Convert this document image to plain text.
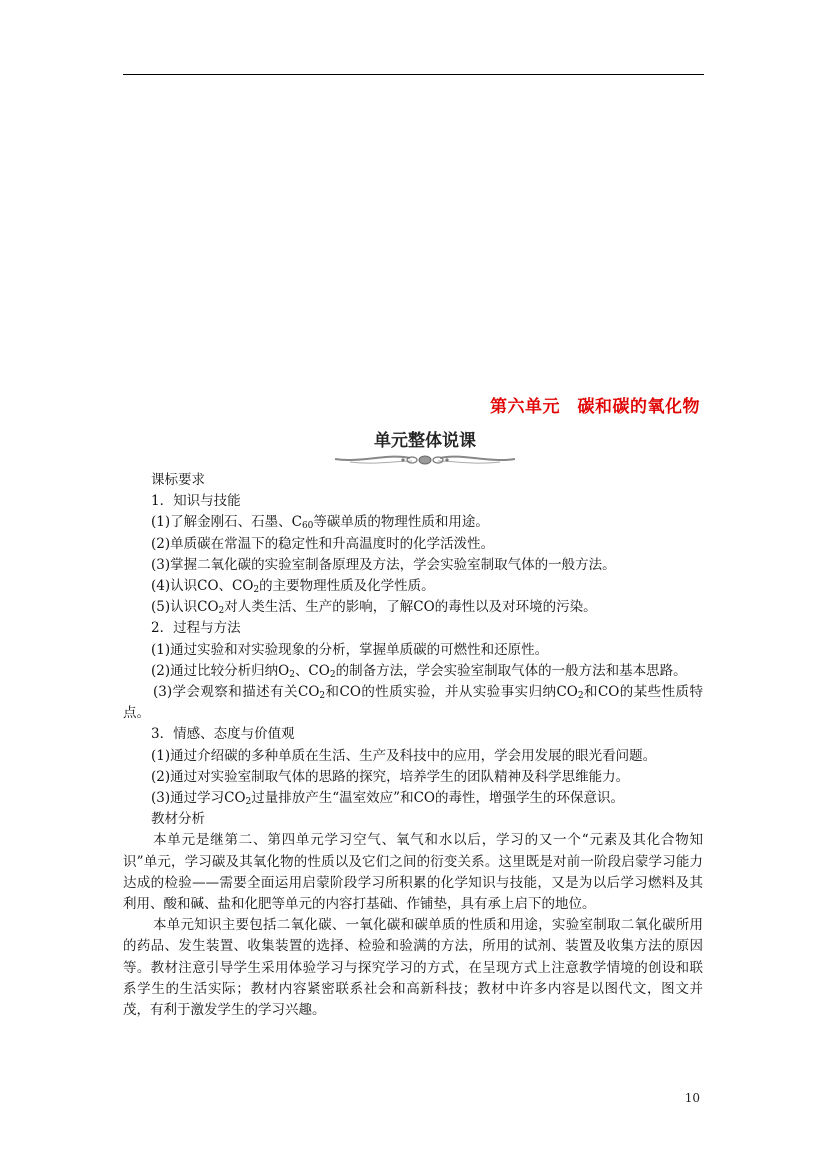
第六单元　碳和碳的氧化物
单元整体说课

课标要求

1．知识与技能

(1)了解金刚石、石墨、$C_{60}$等碳单质的物理性质和用途。

(2)单质碳在常温下的稳定性和升高温度时的化学活泼性。

(3)掌握二氧化碳的实验室制备原理及方法，学会实验室制取气体的一般方法。

(4)认识CO、$CO_2$的主要物理性质及化学性质。

(5)认识$CO_2$对人类生活、生产的影响，了解CO的毒性以及对环境的污染。

2．过程与方法

(1)通过实验和对实验现象的分析，掌握单质碳的可燃性和还原性。

(2)通过比较分析归纳$O_2$、$CO_2$的制备方法，学会实验室制取气体的一般方法和基本思路。

(3)学会观察和描述有关$CO_2$和CO的性质实验，并从实验事实归纳$CO_2$和CO的某些性质特点。

3．情感、态度与价值观

(1)通过介绍碳的多种单质在生活、生产及科技中的应用，学会用发展的眼光看问题。

(2)通过对实验室制取气体的思路的探究，培养学生的团队精神及科学思维能力。

(3)通过学习$CO_2$过量排放产生“温室效应”和CO的毒性，增强学生的环保意识。

教材分析

本单元是继第二、第四单元学习空气、氧气和水以后，学习的又一个“元素及其化合物知识”单元，学习碳及其氧化物的性质以及它们之间的衍变关系。这里既是对前一阶段启蒙学习能力达成的检验——需要全面运用启蒙阶段学习所积累的化学知识与技能，又是为以后学习燃料及其利用、酸和碱、盐和化肥等单元的内容打基础、作铺垫，具有承上启下的地位。

本单元知识主要包括二氧化碳、一氧化碳和碳单质的性质和用途，实验室制取二氧化碳所用的药品、发生装置、收集装置的选择、检验和验满的方法，所用的试剂、装置及收集方法的原因等。教材注意引导学生采用体验学习与探究学习的方式，在呈现方式上注意教学情境的创设和联系学生的生活实际；教材内容紧密联系社会和高新科技；教材中许多内容是以图代文，图文并茂，有利于激发学生的学习兴趣。

10
